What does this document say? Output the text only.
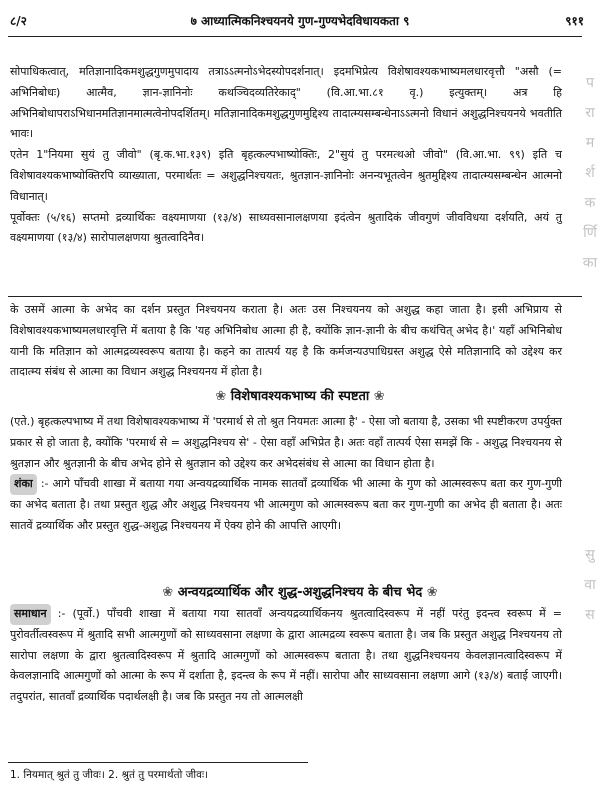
८/२	७ आध्यात्मिकनिश्चयनये गुण-गुण्यभेदविधायकता ९	९११

सोपाधिकत्वात्, मतिज्ञानादिकमशुद्धगुणमुपादाय तत्राऽऽत्मनोऽभेदस्योपदर्शनात्। इदमभिप्रेत्य विशेषावश्यकभाष्यमलधारवृत्तौ "असौ (= अभिनिबोधः) आत्मैव, ज्ञान-ज्ञानिनोः कथञ्चिदव्यतिरेकाद्" (वि.आ.भा.८१ वृ.) इत्युक्तम्। अत्र हि अभिनिबोधापराऽभिधानमतिज्ञानमात्मत्वेनोपदर्शितम्। मतिज्ञानादिकमशुद्धगुणमुद्दिश्य तादात्म्यसम्बन्धेनाऽऽत्मनो विधानं अशुद्धनिश्चयनये भवतीति भावः।

एतेन 1"नियमा सुयं तु जीवो" (बृ.क.भा.१३९) इति बृहत्कल्पभाष्योक्तिः, 2"सुयं तु परमत्थओ जीवो" (वि.आ.भा. ९९) इति च विशेषावश्यकभाष्योक्तिरपि व्याख्याता, परमार्थतः = अशुद्धनिश्चयतः, श्रुतज्ञान-ज्ञानिनोः अनन्यभूतत्वेन श्रुतमुद्दिश्य तादात्म्यसम्बन्धेन आत्मनो विधानात्।

पूर्वोक्तः (५/१६) सप्तमो द्रव्यार्थिकः वक्ष्यमाणया (१३/४) साध्यवसानालक्षणया इदंत्वेन श्रुतादिकं जीवगुणं जीवविधया दर्शयति, अयं तु वक्ष्यमाणया (१३/४) सारोपालक्षणया श्रुतत्वादिनैव।

के उसमें आत्मा के अभेद का दर्शन प्रस्तुत निश्चयनय कराता है। अतः उस निश्चयनय को अशुद्ध कहा जाता है। इसी अभिप्राय से विशेषावश्यकभाष्यमलधारवृत्ति में बताया है कि 'यह अभिनिबोध आत्मा ही है, क्योंकि ज्ञान-ज्ञानी के बीच कथंचित् अभेद है।' यहाँ अभिनिबोध यानी कि मतिज्ञान को आत्मद्रव्यस्वरूप बताया है। कहने का तात्पर्य यह है कि कर्मजन्यउपाधिग्रस्त अशुद्ध ऐसे मतिज्ञानादि को उद्देश्य कर तादात्म्य संबंध से आत्मा का विधान अशुद्ध निश्चयनय में होता है।

❀ विशेषावश्यकभाष्य की स्पष्टता ❀

(एते.) बृहत्कल्पभाष्य में तथा विशेषावश्यकभाष्य में 'परमार्थ से तो श्रुत नियमतः आत्मा है' - ऐसा जो बताया है, उसका भी स्पष्टीकरण उपर्युक्त प्रकार से हो जाता है, क्योंकि 'परमार्थ से = अशुद्धनिश्चय से' - ऐसा वहाँ अभिप्रेत है। अतः वहाँ तात्पर्य ऐसा समझें कि - अशुद्ध निश्चयनय से श्रुतज्ञान और श्रुतज्ञानी के बीच अभेद होने से श्रुतज्ञान को उद्देश्य कर अभेदसंबंध से आत्मा का विधान होता है।

शंका :- आगे पाँचवी शाखा में बताया गया अन्वयद्रव्यार्थिक नामक सातवाँ द्रव्यार्थिक भी आत्मा के गुण को आत्मस्वरूप बता कर गुण-गुणी का अभेद बताता है। तथा प्रस्तुत शुद्ध और अशुद्ध निश्चयनय भी आत्मगुण को आत्मस्वरूप बता कर गुण-गुणी का अभेद ही बताता है। अतः सातवें द्रव्यार्थिक और प्रस्तुत शुद्ध-अशुद्ध निश्चयनय में ऐक्य होने की आपत्ति आएगी।

❀ अन्वयद्रव्यार्थिक और शुद्ध-अशुद्धनिश्चय के बीच भेद ❀

समाधान :- (पूर्वो.) पाँचवी शाखा में बताया गया सातवाँ अन्वयद्रव्यार्थिकनय श्रुतत्वादिस्वरूप में नहीं परंतु इदन्त्व स्वरूप में = पुरोवर्तीत्वस्वरूप में श्रुतादि सभी आत्मगुणों को साध्यवसाना लक्षणा के द्वारा आत्मद्रव्य स्वरूप बताता है। जब कि प्रस्तुत अशुद्ध निश्चयनय तो सारोपा लक्षणा के द्वारा श्रुतत्वादिस्वरूप में श्रुतादि आत्मगुणों को आत्मस्वरूप बताता है। तथा शुद्धनिश्चयनय केवलज्ञानत्वादिस्वरूप में केवलज्ञानादि आत्मगुणों को आत्मा के रूप में दर्शाता है, इदन्त्व के रूप में नहीं। सारोपा और साध्यवसाना लक्षणा आगे (१३/४) बताई जाएगी। तदुपरांत, सातवाँ द्रव्यार्थिक पदार्थलक्षी है। जब कि प्रस्तुत नय तो आत्मलक्षी

1. नियमात् श्रुतं तु जीवः। 2. श्रुतं तु परमार्थतो जीवः।
प
रा
म
र्श
क
र्णि
का
सु
वा
स
